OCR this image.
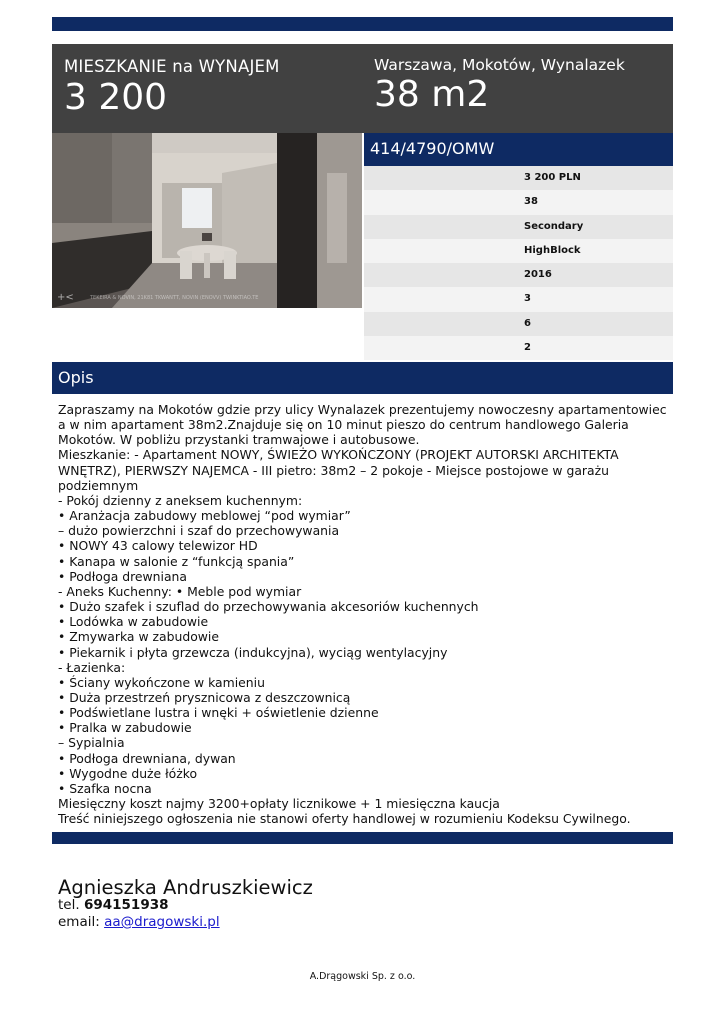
MIESZKANIE na WYNAJEM
3 200
Warszawa, Mokotów, Wynalazek
38 m2
TEKEIRA & NOVIN, 21K81 TKWANTT, NOVIN (ENOVV) TWINKTIAO.TE
+<
414/4790/OMW
3 200 PLN
38
Secondary
HighBlock
2016
3
6
2
Opis
Zapraszamy na Mokotów gdzie przy ulicy Wynalazek prezentujemy nowoczesny apartamentowiec a w nim apartament 38m2.Znajduje się on 10 minut pieszo do centrum handlowego Galeria Mokotów. W pobliżu przystanki tramwajowe i autobusowe.
Mieszkanie: - Apartament NOWY, ŚWIEŻO WYKOŃCZONY (PROJEKT AUTORSKI ARCHITEKTA WNĘTRZ), PIERWSZY NAJEMCA - III pietro: 38m2 – 2 pokoje - Miejsce postojowe w garażu podziemnym
- Pokój dzienny z aneksem kuchennym:
• Aranżacja zabudowy meblowej “pod wymiar”
– dużo powierzchni i szaf do przechowywania
• NOWY 43 calowy telewizor HD
• Kanapa w salonie z “funkcją spania”
• Podłoga drewniana
- Aneks Kuchenny: • Meble pod wymiar
• Dużo szafek i szuflad do przechowywania akcesoriów kuchennych
• Lodówka w zabudowie
• Zmywarka w zabudowie
• Piekarnik i płyta grzewcza (indukcyjna), wyciąg wentylacyjny
- Łazienka:
• Ściany wykończone w kamieniu
• Duża przestrzeń prysznicowa z deszczownicą
• Podświetlane lustra i wnęki + oświetlenie dzienne
• Pralka w zabudowie
– Sypialnia
• Podłoga drewniana, dywan
• Wygodne duże łóżko
• Szafka nocna
Miesięczny koszt najmy 3200+opłaty licznikowe + 1 miesięczna kaucja
Treść niniejszego ogłoszenia nie stanowi oferty handlowej w rozumieniu Kodeksu Cywilnego.
Agnieszka Andruszkiewicz
tel. 694151938
email: aa@dragowski.pl
A.Drągowski Sp. z o.o.
